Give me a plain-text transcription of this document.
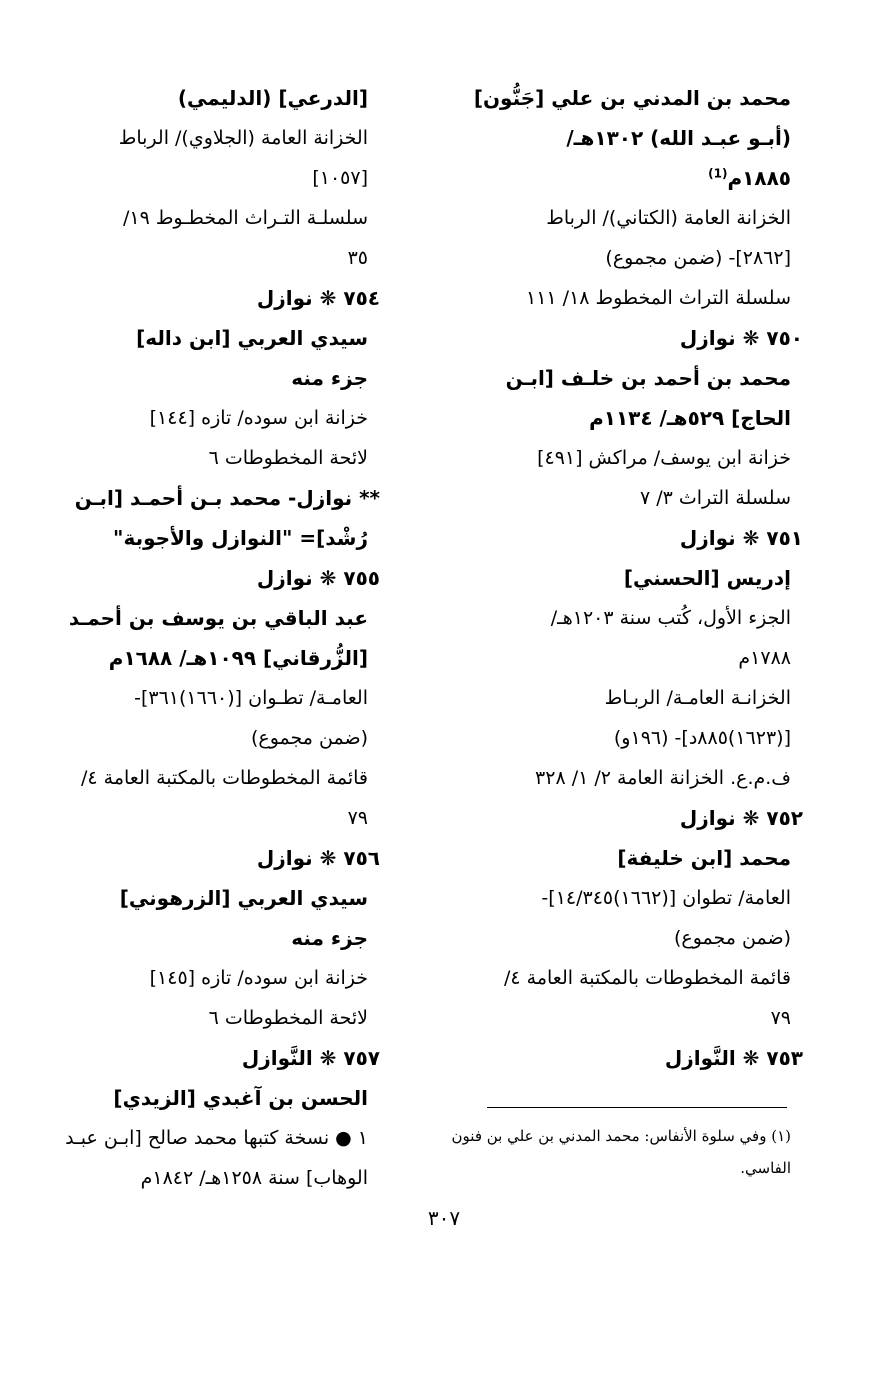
محمد بن المدني بن علي [جَنُّون]
(أبـو عبـد الله) ١٣٠٢هـ/
١٨٨٥م$^{(1)}$
الخزانة العامة (الكتاني)/ الرباط
[٢٨٦٢]- (ضمن مجموع)
سلسلة التراث المخطوط ١٨/ ١١١
٧٥٠ ❋ نوازل
محمد بن أحمد بن خلـف [ابـن
الحاج] ٥٢٩هـ/ ١١٣٤م
خزانة ابن يوسف/ مراكش [٤٩١]
سلسلة التراث ٣/ ٧
٧٥١ ❋ نوازل
إدريس [الحسني]
الجزء الأول، كُتب سنة ١٢٠٣هـ/
١٧٨٨م
الخزانـة العامـة/ الربـاط
[(١٦٢٣)٨٨٥د]- (١٩٦و)
ف.م.ع. الخزانة العامة ٢/ ١/ ٣٢٨
٧٥٢ ❋ نوازل
محمد [ابن خليفة]
العامة/ تطوان [(١٦٦٢)١٤/٣٤٥]-
(ضمن مجموع)
قائمة المخطوطات بالمكتبة العامة ٤/
٧٩
٧٥٣ ❋ النَّوازل
[الدرعي] (الدليمي)
الخزانة العامة (الجلاوي)/ الرباط
[١٠٥٧]
سلسلـة التـراث المخطـوط ١٩/
٣٥
٧٥٤ ❋ نوازل
سيدي العربي [ابن داله]
جزء منه
خزانة ابن سوده/ تازه [١٤٤]
لائحة المخطوطات ٦
** نوازل- محمد بـن أحمـد [ابـن
رُشْد]= "النوازل والأجوبة"
٧٥٥ ❋ نوازل
عبد الباقي بن يوسف بن أحمـد
[الزُّرقاني] ١٠٩٩هـ/ ١٦٨٨م
العامـة/ تطـوان [(١٦٦٠)٣٦١]-
(ضمن مجموع)
قائمة المخطوطات بالمكتبة العامة ٤/
٧٩
٧٥٦ ❋ نوازل
سيدي العربي [الزرهوني]
جزء منه
خزانة ابن سوده/ تازه [١٤٥]
لائحة المخطوطات ٦
٧٥٧ ❋ النَّوازل
الحسن بن آغبدي [الزيدي]
١ ● نسخة كتبها محمد صالح [ابـن عبـد
الوهاب] سنة ١٢٥٨هـ/ ١٨٤٢م
(١) وفي سلوة الأنفاس: محمد المدني بن علي بن فنون
الفاسي.
٣٠٧
